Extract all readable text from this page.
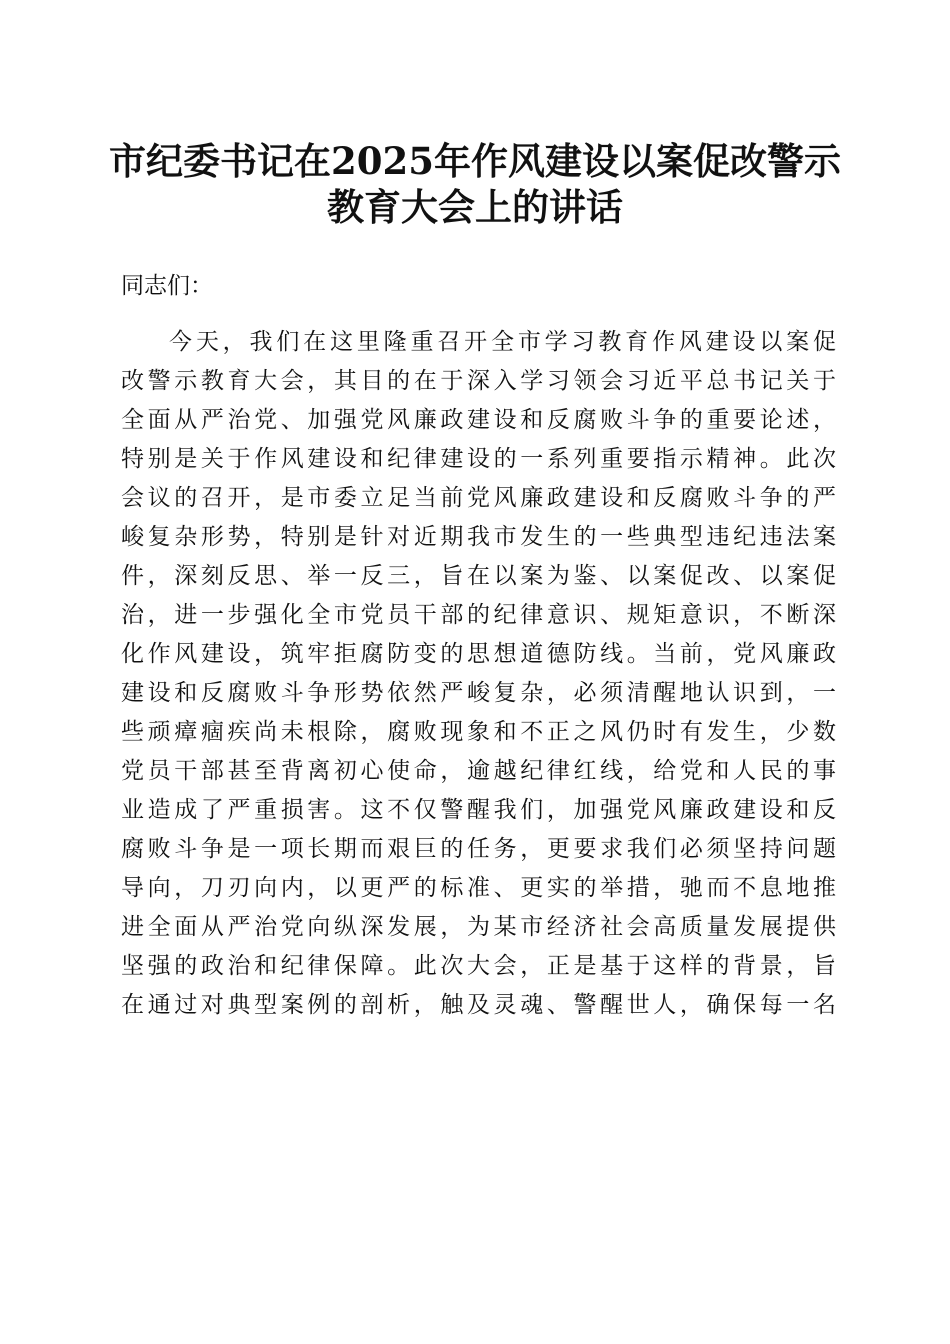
市纪委书记在2025年作风建设以案促改警示
教育大会上的讲话
同志们：
今天，我们在这里隆重召开全市学习教育作风建设以案促
改警示教育大会，其目的在于深入学习领会习近平总书记关于
全面从严治党、加强党风廉政建设和反腐败斗争的重要论述，
特别是关于作风建设和纪律建设的一系列重要指示精神。此次
会议的召开，是市委立足当前党风廉政建设和反腐败斗争的严
峻复杂形势，特别是针对近期我市发生的一些典型违纪违法案
件，深刻反思、举一反三，旨在以案为鉴、以案促改、以案促
治，进一步强化全市党员干部的纪律意识、规矩意识，不断深
化作风建设，筑牢拒腐防变的思想道德防线。当前，党风廉政
建设和反腐败斗争形势依然严峻复杂，必须清醒地认识到，一
些顽瘴痼疾尚未根除，腐败现象和不正之风仍时有发生，少数
党员干部甚至背离初心使命，逾越纪律红线，给党和人民的事
业造成了严重损害。这不仅警醒我们，加强党风廉政建设和反
腐败斗争是一项长期而艰巨的任务，更要求我们必须坚持问题
导向，刀刃向内，以更严的标准、更实的举措，驰而不息地推
进全面从严治党向纵深发展，为某市经济社会高质量发展提供
坚强的政治和纪律保障。此次大会，正是基于这样的背景，旨
在通过对典型案例的剖析，触及灵魂、警醒世人，确保每一名
